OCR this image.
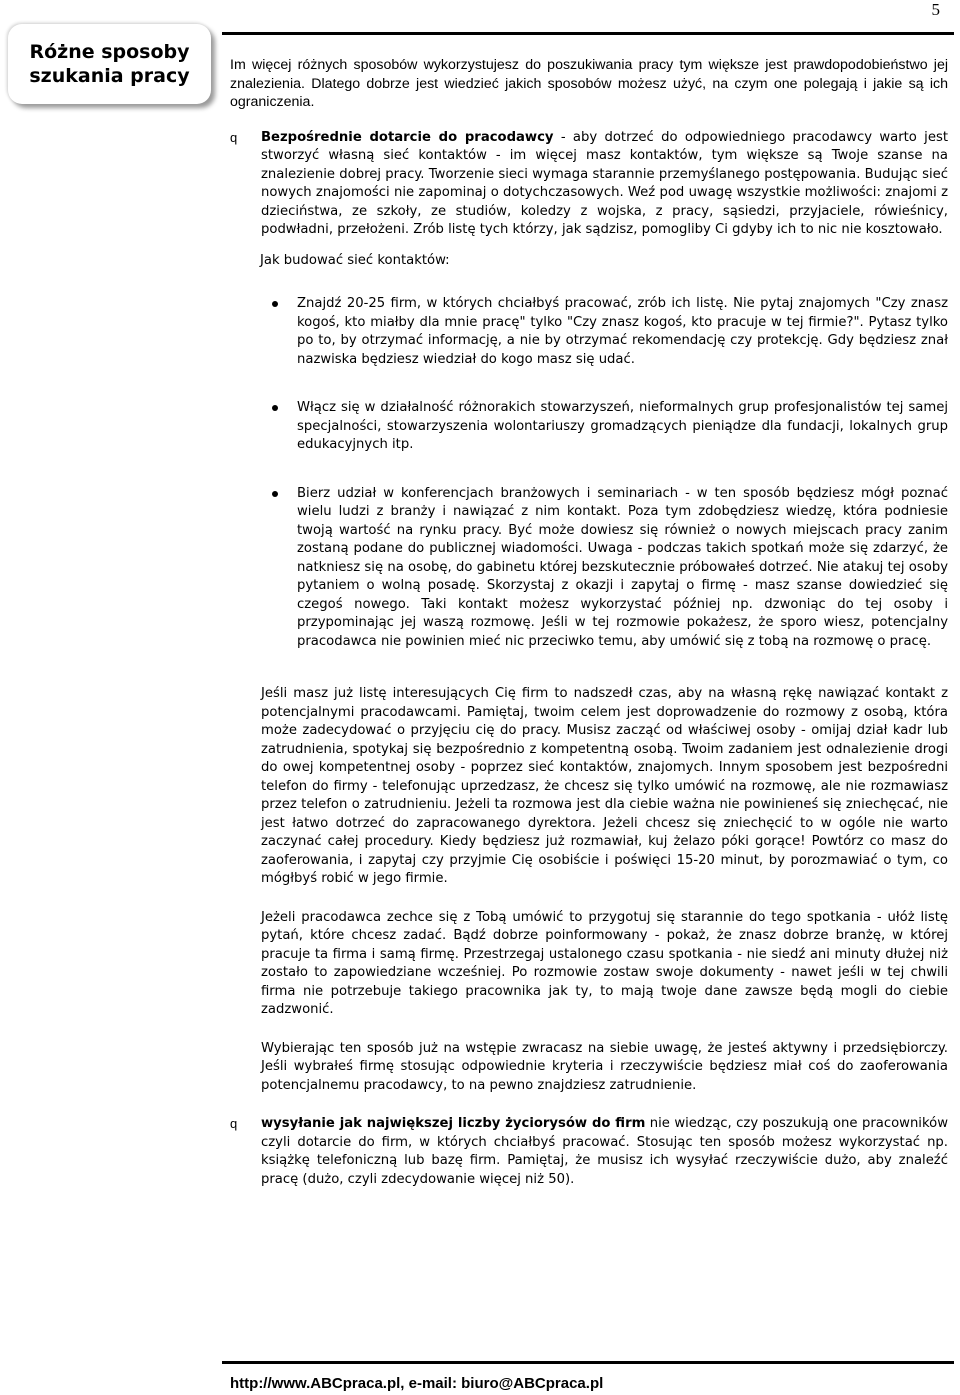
5
Różne sposoby
szukania pracy	Im więcej różnych sposobów wykorzystujesz do poszukiwania pracy tym większe jest prawdopodobieństwo jej znalezienia. Dlatego dobrze jest wiedzieć jakich sposobów możesz użyć, na czym one polegają i jakie są ich ograniczenia.

q Bezpośrednie dotarcie do pracodawcy - aby dotrzeć do odpowiedniego pracodawcy warto jest stworzyć własną sieć kontaktów - im więcej masz kontaktów, tym większe są Twoje szanse na znalezienie dobrej pracy. Tworzenie sieci wymaga starannie przemyślanego postępowania. Budując sieć nowych znajomości nie zapominaj o dotychczasowych. Weź pod uwagę wszystkie możliwości: znajomi z dzieciństwa, ze szkoły, ze studiów, koledzy z wojska, z pracy, sąsiedzi, przyjaciele, rówieśnicy, podwładni, przełożeni. Zrób listę tych którzy, jak sądzisz, pomogliby Ci gdyby ich to nic nie kosztowało.

Jak budować sieć kontaktów:

Znajdź 20-25 firm, w których chciałbyś pracować, zrób ich listę. Nie pytaj znajomych "Czy znasz kogoś, kto miałby dla mnie pracę" tylko "Czy znasz kogoś, kto pracuje w tej firmie?". Pytasz tylko po to, by otrzymać informację, a nie by otrzymać rekomendację czy protekcję. Gdy będziesz znał nazwiska będziesz wiedział do kogo masz się udać.

Włącz się w działalność różnorakich stowarzyszeń, nieformalnych grup profesjonalistów tej samej specjalności, stowarzyszenia wolontariuszy gromadzących pieniądze dla fundacji, lokalnych grup edukacyjnych itp.

Bierz udział w konferencjach branżowych i seminariach - w ten sposób będziesz mógł poznać wielu ludzi z branży i nawiązać z nim kontakt. Poza tym zdobędziesz wiedzę, która podniesie twoją wartość na rynku pracy. Być może dowiesz się również o nowych miejscach pracy zanim zostaną podane do publicznej wiadomości. Uwaga - podczas takich spotkań może się zdarzyć, że natkniesz się na osobę, do gabinetu której bezskutecznie próbowałeś dotrzeć. Nie atakuj tej osoby pytaniem o wolną posadę. Skorzystaj z okazji i zapytaj o firmę - masz szanse dowiedzieć się czegoś nowego. Taki kontakt możesz wykorzystać później np. dzwoniąc do tej osoby i przypominając jej waszą rozmowę. Jeśli w tej rozmowie pokażesz, że sporo wiesz, potencjalny pracodawca nie powinien mieć nic przeciwko temu, aby umówić się z tobą na rozmowę o pracę.

Jeśli masz już listę interesujących Cię firm to nadszedł czas, aby na własną rękę nawiązać kontakt z potencjalnymi pracodawcami. Pamiętaj, twoim celem jest doprowadzenie do rozmowy z osobą, która może zadecydować o przyjęciu cię do pracy. Musisz zacząć od właściwej osoby - omijaj dział kadr lub zatrudnienia, spotykaj się bezpośrednio z kompetentną osobą. Twoim zadaniem jest odnalezienie drogi do owej kompetentnej osoby - poprzez sieć kontaktów, znajomych. Innym sposobem jest bezpośredni telefon do firmy - telefonując uprzedzasz, że chcesz się tylko umówić na rozmowę, ale nie rozmawiasz przez telefon o zatrudnieniu. Jeżeli ta rozmowa jest dla ciebie ważna nie powinieneś się zniechęcać, nie jest łatwo dotrzeć do zapracowanego dyrektora. Jeżeli chcesz się zniechęcić to w ogóle nie warto zaczynać całej procedury. Kiedy będziesz już rozmawiał, kuj żelazo póki gorące! Powtórz co masz do zaoferowania, i zapytaj czy przyjmie Cię osobiście i poświęci 15-20 minut, by porozmawiać o tym, co mógłbyś robić w jego firmie.

Jeżeli pracodawca zechce się z Tobą umówić to przygotuj się starannie do tego spotkania - ułóż listę pytań, które chcesz zadać. Bądź dobrze poinformowany - pokaż, że znasz dobrze branżę, w której pracuje ta firma i samą firmę. Przestrzegaj ustalonego czasu spotkania - nie siedź ani minuty dłużej niż zostało to zapowiedziane wcześniej. Po rozmowie zostaw swoje dokumenty - nawet jeśli w tej chwili firma nie potrzebuje takiego pracownika jak ty, to mają twoje dane zawsze będą mogli do ciebie zadzwonić.

Wybierając ten sposób już na wstępie zwracasz na siebie uwagę, że jesteś aktywny i przedsiębiorczy. Jeśli wybrałeś firmę stosując odpowiednie kryteria i rzeczywiście będziesz miał coś do zaoferowania potencjalnemu pracodawcy, to na pewno znajdziesz zatrudnienie.

q wysyłanie jak największej liczby życiorysów do firm nie wiedząc, czy poszukują one pracowników czyli dotarcie do firm, w których chciałbyś pracować. Stosując ten sposób możesz wykorzystać np. książkę telefoniczną lub bazę firm. Pamiętaj, że musisz ich wysyłać rzeczywiście dużo, aby znaleźć pracę (dużo, czyli zdecydowanie więcej niż 50).

http://www.ABCpraca.pl, e-mail: biuro@ABCpraca.pl
